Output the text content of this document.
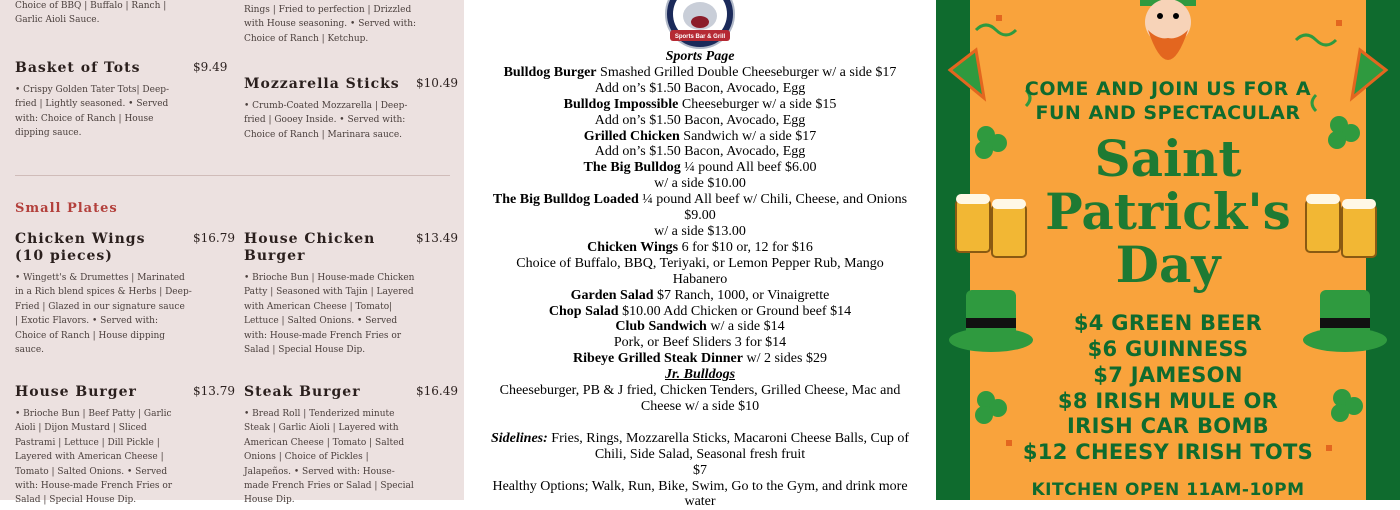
Choice of BBQ | Buffalo | Ranch |
Garlic Aioli Sauce.
Rings | Fried to perfection | Drizzled
with House seasoning. • Served with:
Choice of Ranch | Ketchup.
Basket of Tots	$9.49
• Crispy Golden Tater Tots| Deep-
fried | Lightly seasoned. • Served
with: Choice of Ranch | House
dipping sauce.
Mozzarella Sticks	$10.49
• Crumb-Coated Mozzarella | Deep-
fried | Gooey Inside. • Served with:
Choice of Ranch | Marinara sauce.
Small Plates
Chicken Wings
(10 pieces)
$16.79
• Wingett's & Drumettes | Marinated
in a Rich blend spices & Herbs | Deep-
Fried | Glazed in our signature sauce
| Exotic Flavors. • Served with:
Choice of Ranch | House dipping
sauce.
House Chicken
Burger
$13.49
• Brioche Bun | House-made Chicken
Patty | Seasoned with Tajin | Layered
with American Cheese | Tomato|
Lettuce | Salted Onions. • Served
with: House-made French Fries or
Salad | Special House Dip.
House Burger	$13.79
• Brioche Bun | Beef Patty | Garlic
Aioli | Dijon Mustard | Sliced
Pastrami | Lettuce | Dill Pickle |
Layered with American Cheese |
Tomato | Salted Onions. • Served
with: House-made French Fries or
Salad | Special House Dip.
Steak Burger	$16.49
• Bread Roll | Tenderized minute
Steak | Garlic Aioli | Layered with
American Cheese | Tomato | Salted
Onions | Choice of Pickles |
Jalapeños. • Served with: House-
made French Fries or Salad | Special
House Dip.
Sports Bar & Grill
Sports Page
Bulldog Burger Smashed Grilled Double Cheeseburger w/ a side $17
Add on’s $1.50 Bacon, Avocado, Egg
Bulldog Impossible Cheeseburger w/ a side $15
Add on’s $1.50 Bacon, Avocado, Egg
Grilled Chicken Sandwich w/ a side $17
Add on’s $1.50 Bacon, Avocado, Egg
The Big Bulldog ¼ pound All beef $6.00
w/ a side $10.00
The Big Bulldog Loaded ¼ pound All beef w/ Chili, Cheese, and Onions
$9.00
w/ a side $13.00
Chicken Wings 6 for $10 or, 12 for $16
Choice of Buffalo, BBQ, Teriyaki, or Lemon Pepper Rub, Mango
Habanero
Garden Salad $7 Ranch, 1000, or Vinaigrette
Chop Salad $10.00 Add Chicken or Ground beef $14
Club Sandwich w/ a side $14
Pork, or Beef Sliders 3 for $14
Ribeye Grilled Steak Dinner w/ 2 sides $29
Jr. Bulldogs
Cheeseburger, PB & J fried, Chicken Tenders, Grilled Cheese, Mac and
Cheese w/ a side $10
Sidelines: Fries, Rings, Mozzarella Sticks, Macaroni Cheese Balls, Cup of
Chili, Side Salad, Seasonal fresh fruit
$7
Healthy Options; Walk, Run, Bike, Swim, Go to the Gym, and drink more
water
COME AND JOIN US FOR A
FUN AND SPECTACULAR
Saint
Patrick's
Day
$4 GREEN BEER
$6 GUINNESS
$7 JAMESON
$8 IRISH MULE OR
IRISH CAR BOMB
$12 CHEESY IRISH TOTS
KITCHEN OPEN 11AM-10PM
